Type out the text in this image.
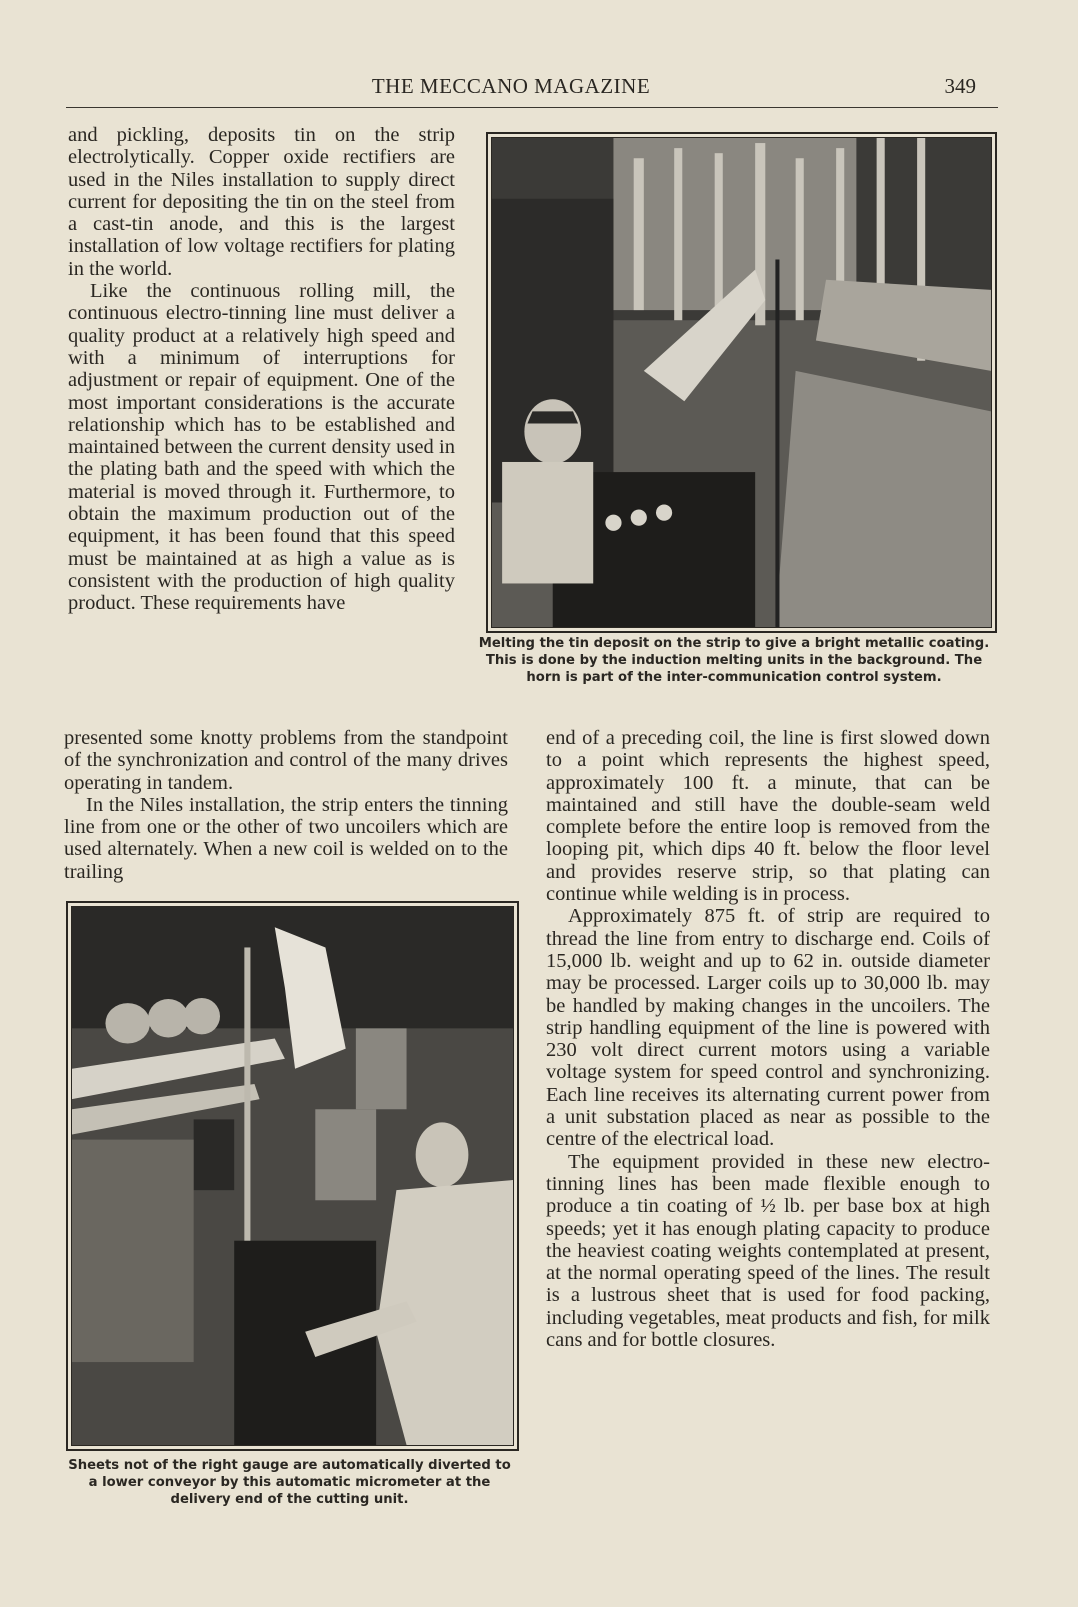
THE MECCANO MAGAZINE	349

and pickling, deposits tin on the strip electrolytically. Copper oxide rectifiers are used in the Niles installation to supply direct current for depositing the tin on the steel from a cast-tin anode, and this is the largest installation of low voltage rectifiers for plating in the world.

Like the continuous rolling mill, the continuous electro-tinning line must deliver a quality product at a relatively high speed and with a minimum of interruptions for adjustment or repair of equipment. One of the most important considerations is the accurate relationship which has to be established and maintained between the current density used in the plating bath and the speed with which the material is moved through it. Furthermore, to obtain the maximum production out of the equipment, it has been found that this speed must be maintained at as high a value as is consistent with the production of high quality product. These requirements have

Melting the tin deposit on the strip to give a bright metallic coating. This is done by the induction melting units in the background. The horn is part of the inter-communication control system.

presented some knotty problems from the standpoint of the synchronization and control of the many drives operating in tandem.

In the Niles installation, the strip enters the tinning line from one or the other of two uncoilers which are used alternately. When a new coil is welded on to the trailing

end of a preceding coil, the line is first slowed down to a point which represents the highest speed, approximately 100 ft. a minute, that can be maintained and still have the double-seam weld complete before the entire loop is removed from the looping pit, which dips 40 ft. below the floor level and provides reserve strip, so that plating can continue while welding is in process.

Approximately 875 ft. of strip are required to thread the line from entry to discharge end. Coils of 15,000 lb. weight and up to 62 in. outside diameter may be processed. Larger coils up to 30,000 lb. may be handled by making changes in the uncoilers. The strip handling equipment of the line is powered with 230 volt direct current motors using a variable voltage system for speed control and synchronizing. Each line receives its alternating current power from a unit substation placed as near as possible to the centre of the electrical load.

The equipment provided in these new electro-tinning lines has been made flexible enough to produce a tin coating of ½ lb. per base box at high speeds; yet it has enough plating capacity to produce the heaviest coating weights contemplated at present, at the normal operating speed of the lines. The result is a lustrous sheet that is used for food packing, including vegetables, meat products and fish, for milk cans and for bottle closures.

Sheets not of the right gauge are automatically diverted to a lower conveyor by this automatic micrometer at the delivery end of the cutting unit.
